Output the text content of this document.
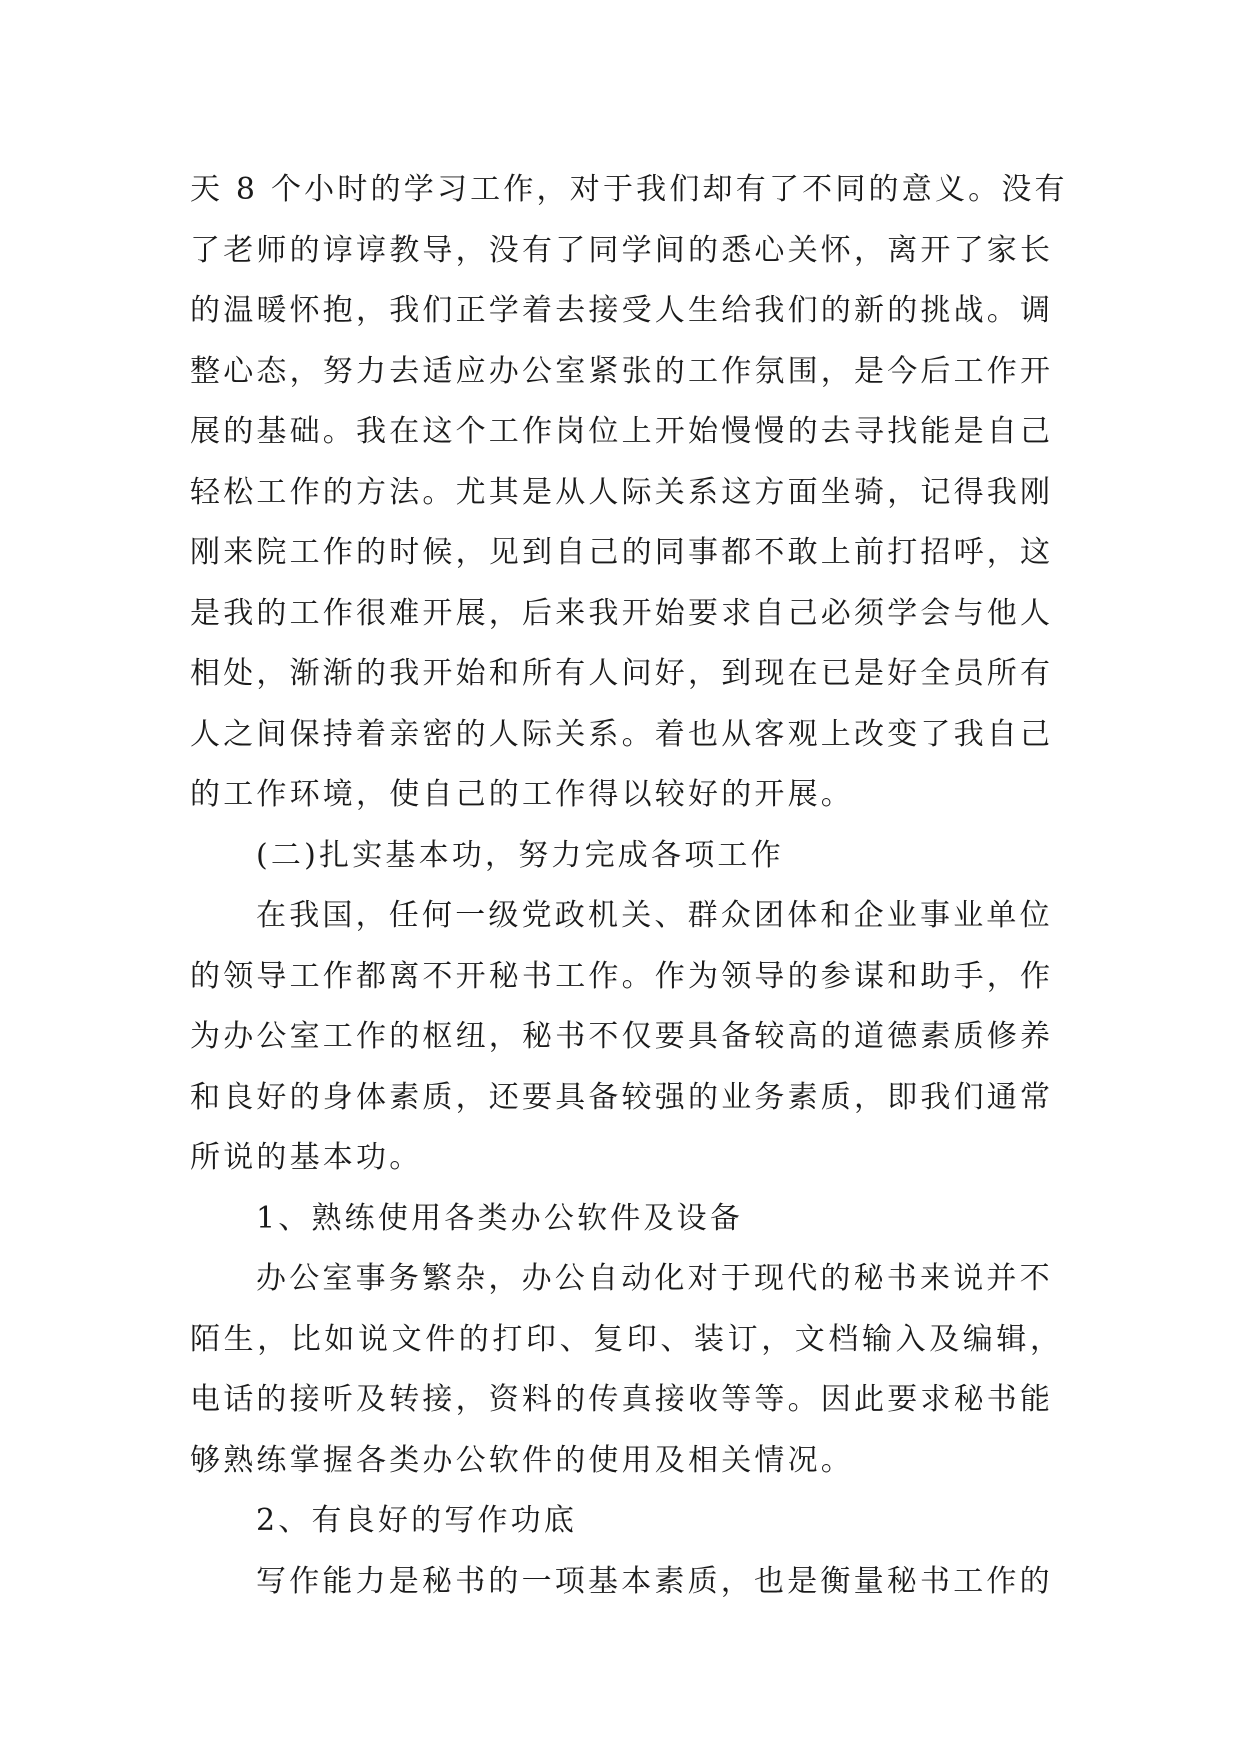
天 8 个小时的学习工作，对于我们却有了不同的意义。没有
了老师的谆谆教导，没有了同学间的悉心关怀，离开了家长
的温暖怀抱，我们正学着去接受人生给我们的新的挑战。调
整心态，努力去适应办公室紧张的工作氛围，是今后工作开
展的基础。我在这个工作岗位上开始慢慢的去寻找能是自己
轻松工作的方法。尤其是从人际关系这方面坐骑，记得我刚
刚来院工作的时候，见到自己的同事都不敢上前打招呼，这
是我的工作很难开展，后来我开始要求自己必须学会与他人
相处，渐渐的我开始和所有人问好，到现在已是好全员所有
人之间保持着亲密的人际关系。着也从客观上改变了我自己
的工作环境，使自己的工作得以较好的开展。
(二)扎实基本功，努力完成各项工作
在我国，任何一级党政机关、群众团体和企业事业单位
的领导工作都离不开秘书工作。作为领导的参谋和助手，作
为办公室工作的枢纽，秘书不仅要具备较高的道德素质修养
和良好的身体素质，还要具备较强的业务素质，即我们通常
所说的基本功。
1、熟练使用各类办公软件及设备
办公室事务繁杂，办公自动化对于现代的秘书来说并不
陌生，比如说文件的打印、复印、装订，文档输入及编辑，
电话的接听及转接，资料的传真接收等等。因此要求秘书能
够熟练掌握各类办公软件的使用及相关情况。
2、有良好的写作功底
写作能力是秘书的一项基本素质，也是衡量秘书工作的
